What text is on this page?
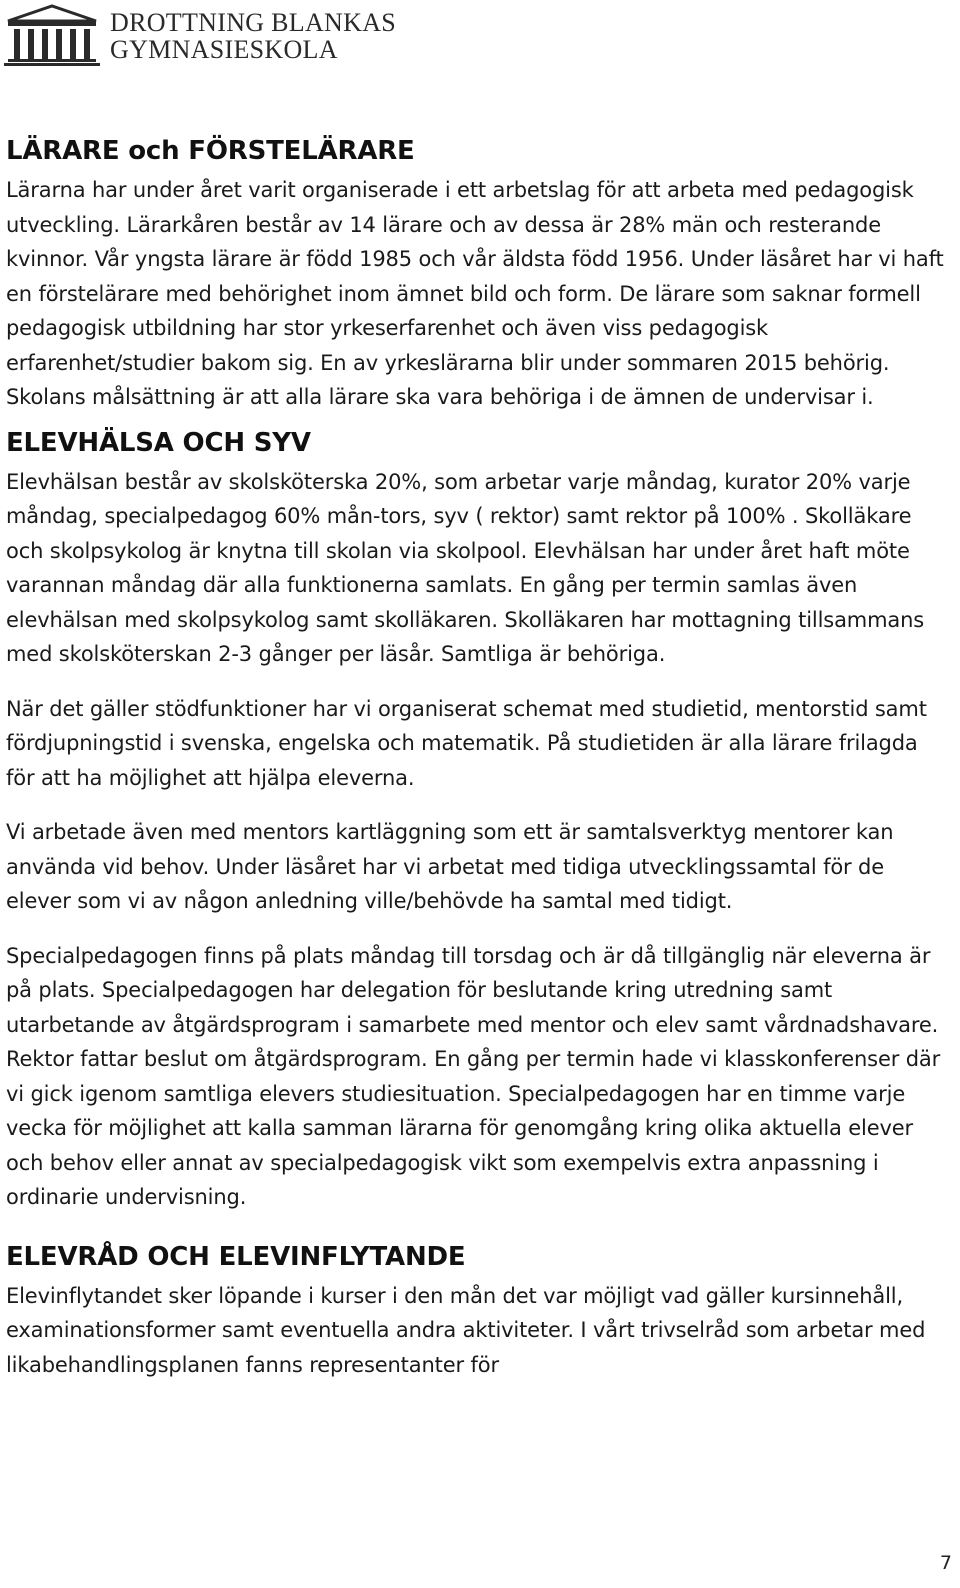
DROTTNING BLANKAS
GYMNASIESKOLA
LÄRARE och FÖRSTELÄRARE

Lärarna har under året varit organiserade i ett arbetslag för att arbeta med pedagogisk utveckling. Lärarkåren består av 14 lärare och av dessa är 28% män och resterande kvinnor. Vår yngsta lärare är född 1985 och vår äldsta född 1956. Under läsåret har vi haft en förstelärare med behörighet inom ämnet bild och form. De lärare som saknar formell pedagogisk utbildning har stor yrkeserfarenhet och även viss pedagogisk erfarenhet/studier bakom sig. En av yrkeslärarna blir under sommaren 2015 behörig. Skolans målsättning är att alla lärare ska vara behöriga i de ämnen de undervisar i.

ELEVHÄLSA OCH SYV

Elevhälsan består av skolsköterska 20%, som arbetar varje måndag, kurator 20% varje måndag, specialpedagog 60% mån-tors, syv ( rektor) samt rektor på 100% . Skolläkare och skolpsykolog är knytna till skolan via skolpool. Elevhälsan har under året haft möte varannan måndag där alla funktionerna samlats. En gång per termin samlas även elevhälsan med skolpsykolog samt skolläkaren. Skolläkaren har mottagning tillsammans med skolsköterskan 2-3 gånger per läsår. Samtliga är behöriga.

När det gäller stödfunktioner har vi organiserat schemat med studietid, mentorstid samt fördjupningstid i svenska, engelska och matematik. På studietiden är alla lärare frilagda för att ha möjlighet att hjälpa eleverna.

Vi arbetade även med mentors kartläggning som ett är samtalsverktyg mentorer kan använda vid behov. Under läsåret har vi arbetat med tidiga utvecklingssamtal för de elever som vi av någon anledning ville/behövde ha samtal med tidigt.

Specialpedagogen finns på plats måndag till torsdag och är då tillgänglig när eleverna är på plats. Specialpedagogen har delegation för beslutande kring utredning samt utarbetande av åtgärdsprogram i samarbete med mentor och elev samt vårdnadshavare. Rektor fattar beslut om åtgärdsprogram. En gång per termin hade vi klasskonferenser där vi gick igenom samtliga elevers studiesituation. Specialpedagogen har en timme varje vecka för möjlighet att kalla samman lärarna för genomgång kring olika aktuella elever och behov eller annat av specialpedagogisk vikt som exempelvis extra anpassning i ordinarie undervisning.

ELEVRÅD OCH ELEVINFLYTANDE

Elevinflytandet sker löpande i kurser i den mån det var möjligt vad gäller kursinnehåll, examinationsformer samt eventuella andra aktiviteter. I vårt trivselråd som arbetar med likabehandlingsplanen fanns representanter för

7
